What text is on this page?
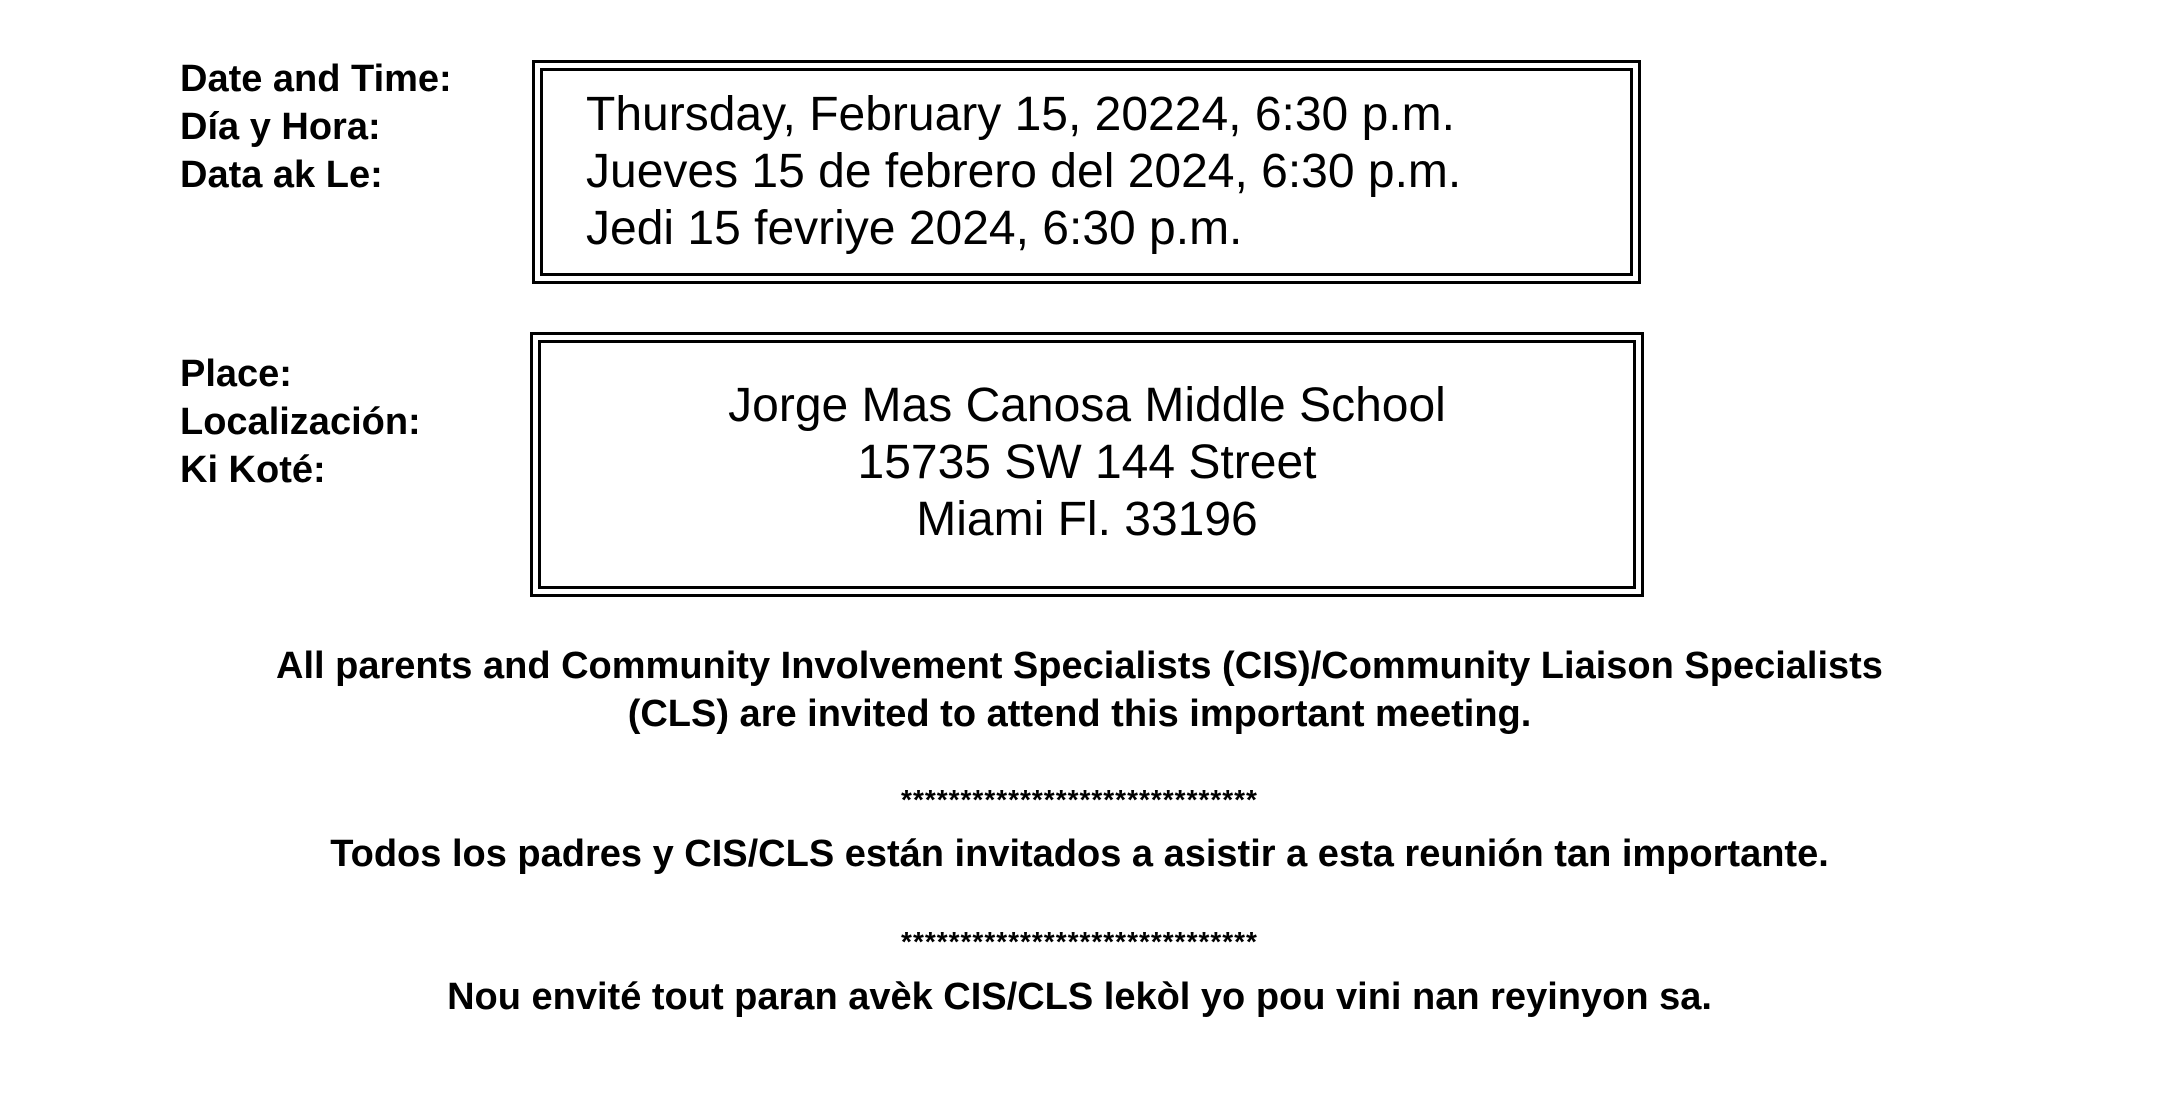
Date and Time:
Día y Hora:
Data ak Le:
Thursday, February 15, 20224, 6:30 p.m.
Jueves 15 de febrero del 2024, 6:30 p.m.
Jedi 15 fevriye 2024, 6:30 p.m.
Place:
Localización:
Ki Koté:
Jorge Mas Canosa Middle School
15735 SW 144 Street
Miami Fl. 33196
All parents and Community Involvement Specialists (CIS)/Community Liaison Specialists
(CLS) are invited to attend this important meeting.
******************************
Todos los padres y CIS/CLS están invitados a asistir a esta reunión tan importante.
******************************
Nou envité tout paran avèk CIS/CLS lekòl yo pou vini nan reyinyon sa.
